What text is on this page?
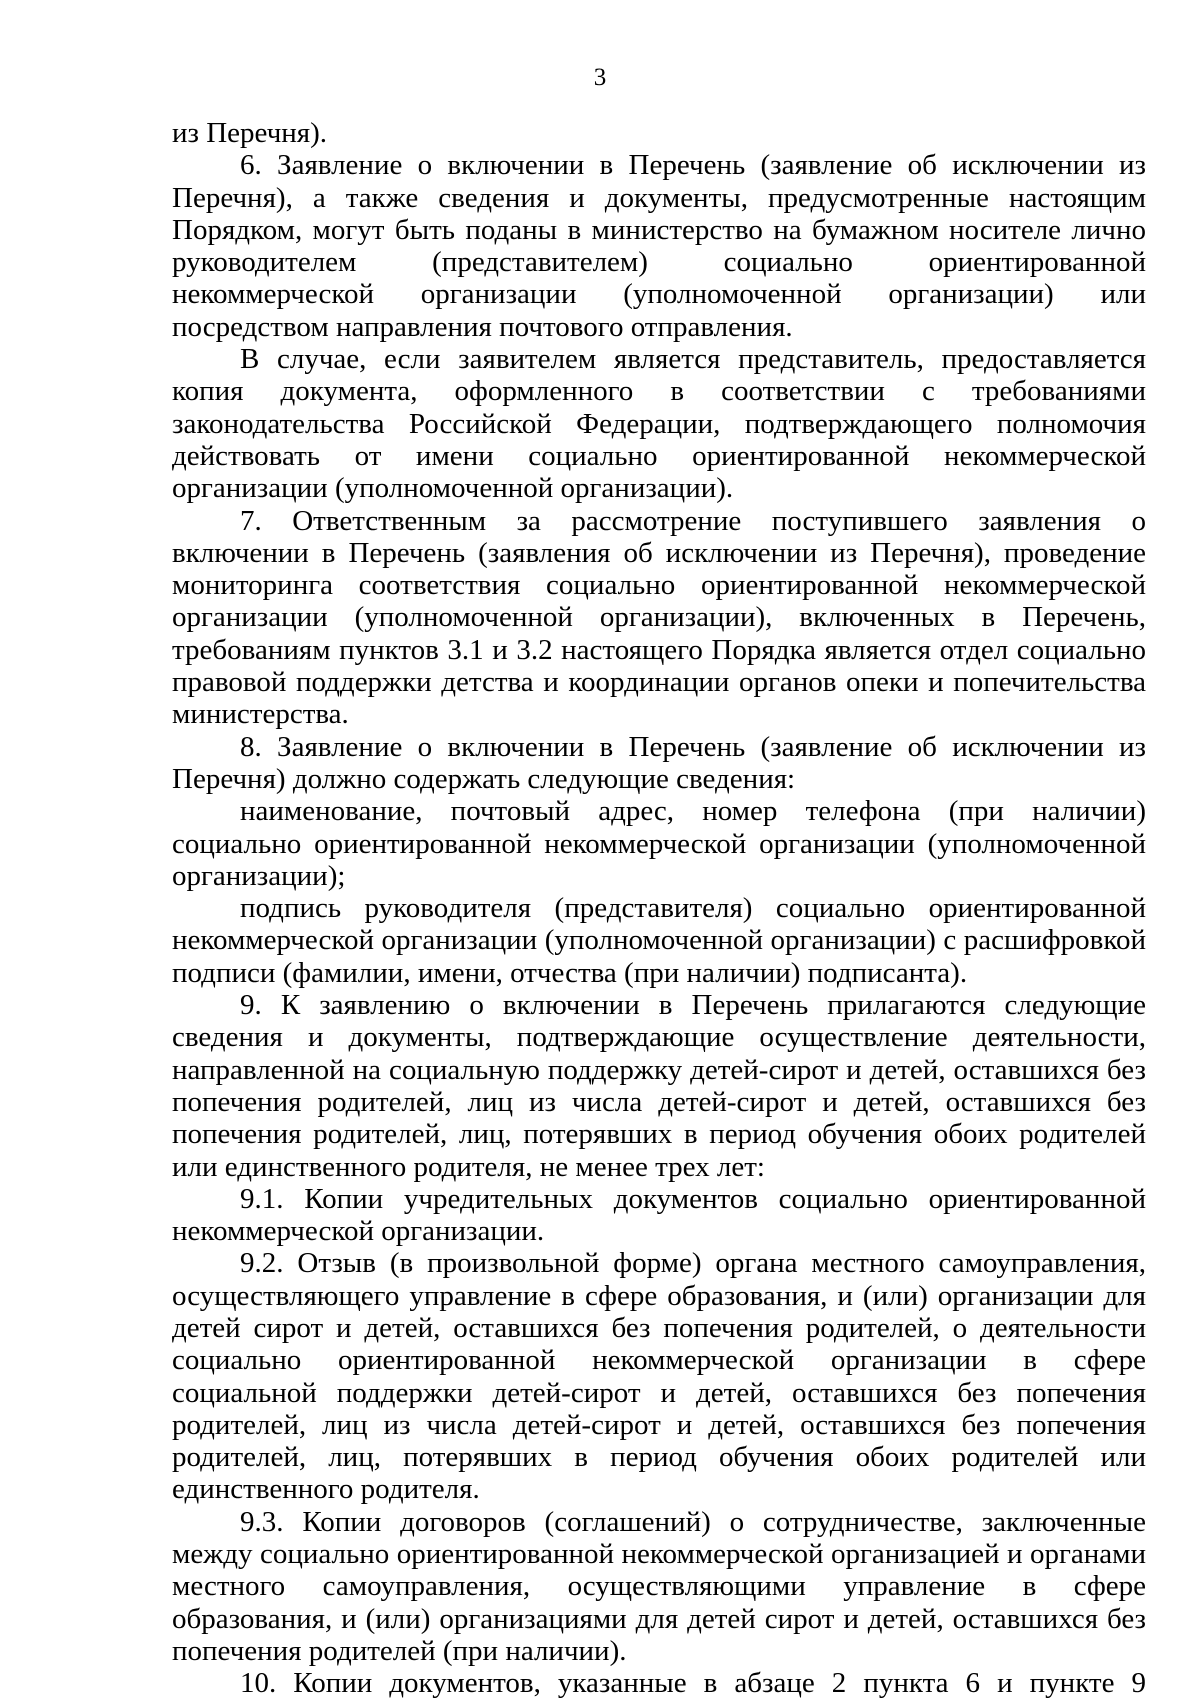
3

из Перечня).

6. Заявление о включении в Перечень (заявление об исключении из Перечня), а также сведения и документы, предусмотренные настоящим Порядком, могут быть поданы в министерство на бумажном носителе лично руководителем (представителем) социально ориентированной некоммерческой организации (уполномоченной организации) или посредством направления почтового отправления.

В случае, если заявителем является представитель, предоставляется копия документа, оформленного в соответствии с требованиями законодательства Российской Федерации, подтверждающего полномочия действовать от имени социально ориентированной некоммерческой организации (уполномоченной организации).

7. Ответственным за рассмотрение поступившего заявления о включении в Перечень (заявления об исключении из Перечня), проведение мониторинга соответствия социально ориентированной некоммерческой организации (уполномоченной организации), включенных в Перечень, требованиям пунктов 3.1 и 3.2 настоящего Порядка является отдел социально правовой поддержки детства и координации органов опеки и попечительства министерства.

8. Заявление о включении в Перечень (заявление об исключении из Перечня) должно содержать следующие сведения:

наименование, почтовый адрес, номер телефона (при наличии) социально ориентированной некоммерческой организации (уполномоченной организации);

подпись руководителя (представителя) социально ориентированной некоммерческой организации (уполномоченной организации) с расшифровкой подписи (фамилии, имени, отчества (при наличии) подписанта).

9. К заявлению о включении в Перечень прилагаются следующие сведения и документы, подтверждающие осуществление деятельности, направленной на социальную поддержку детей-сирот и детей, оставшихся без попечения родителей, лиц из числа детей-сирот и детей, оставшихся без попечения родителей, лиц, потерявших в период обучения обоих родителей или единственного родителя, не менее трех лет:

9.1. Копии учредительных документов социально ориентированной некоммерческой организации.

9.2. Отзыв (в произвольной форме) органа местного самоуправления, осуществляющего управление в сфере образования, и (или) организации для детей сирот и детей, оставшихся без попечения родителей, о деятельности социально ориентированной некоммерческой организации в сфере социальной поддержки детей-сирот и детей, оставшихся без попечения родителей, лиц из числа детей-сирот и детей, оставшихся без попечения родителей, лиц, потерявших в период обучения обоих родителей или единственного родителя.

9.3. Копии договоров (соглашений) о сотрудничестве, заключенные между социально ориентированной некоммерческой организацией и органами местного самоуправления, осуществляющими управление в сфере образования, и (или) организациями для детей сирот и детей, оставшихся без попечения родителей (при наличии).

10. Копии документов, указанные в абзаце 2 пункта 6 и пункте 9
